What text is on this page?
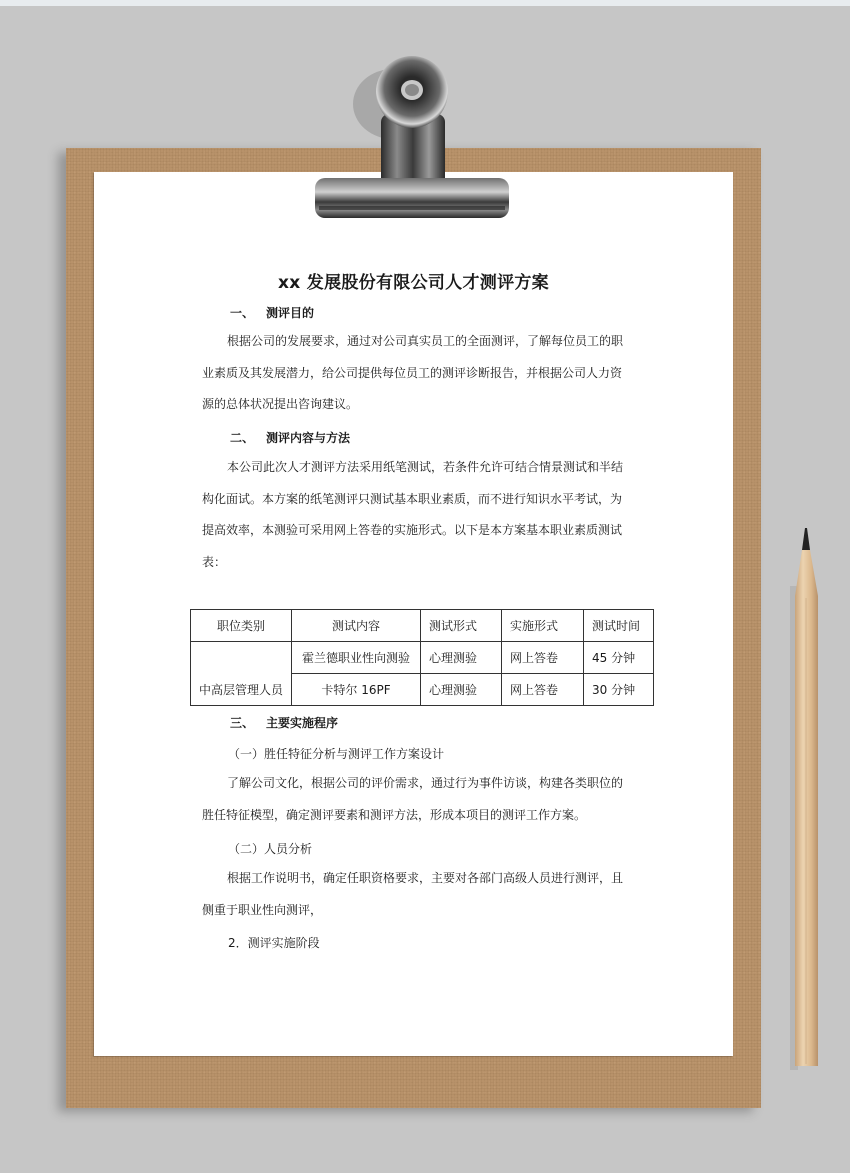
xx 发展股份有限公司人才测评方案
一、 测评目的
根据公司的发展要求，通过对公司真实员工的全面测评，了解每位员工的职业素质及其发展潜力，给公司提供每位员工的测评诊断报告，并根据公司人力资源的总体状况提出咨询建议。
二、 测评内容与方法
本公司此次人才测评方法采用纸笔测试，若条件允许可结合情景测试和半结构化面试。本方案的纸笔测评只测试基本职业素质，而不进行知识水平考试，为提高效率，本测验可采用网上答卷的实施形式。以下是本方案基本职业素质测试表：
职位类别	测试内容	测试形式	实施形式	测试时间
中高层管理人员	霍兰德职业性向测验	心理测验	网上答卷	45 分钟
	卡特尔 16PF	心理测验	网上答卷	30 分钟
三、 主要实施程序
（一）胜任特征分析与测评工作方案设计
了解公司文化，根据公司的评价需求，通过行为事件访谈，构建各类职位的胜任特征模型，确定测评要素和测评方法，形成本项目的测评工作方案。
（二）人员分析
根据工作说明书，确定任职资格要求，主要对各部门高级人员进行测评，且侧重于职业性向测评，
2．测评实施阶段
